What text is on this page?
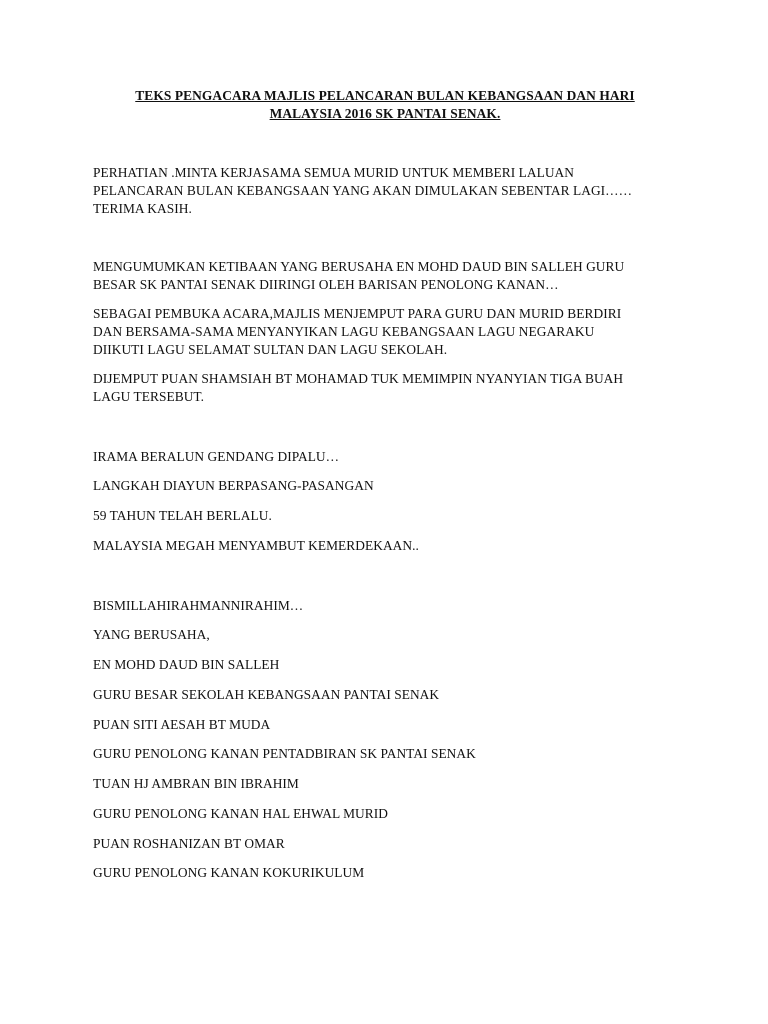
TEKS PENGACARA MAJLIS PELANCARAN BULAN KEBANGSAAN DAN HARI
MALAYSIA 2016 SK PANTAI SENAK.

PERHATIAN .MINTA KERJASAMA SEMUA MURID UNTUK MEMBERI LALUAN
PELANCARAN BULAN KEBANGSAAN YANG AKAN DIMULAKAN SEBENTAR LAGI……
TERIMA KASIH.

MENGUMUMKAN KETIBAAN YANG BERUSAHA EN MOHD DAUD BIN SALLEH GURU
BESAR SK PANTAI SENAK DIIRINGI OLEH BARISAN PENOLONG KANAN…

SEBAGAI PEMBUKA ACARA,MAJLIS MENJEMPUT PARA GURU DAN MURID BERDIRI
DAN BERSAMA-SAMA MENYANYIKAN LAGU KEBANGSAAN LAGU NEGARAKU
DIIKUTI LAGU SELAMAT SULTAN DAN LAGU SEKOLAH.

DIJEMPUT PUAN SHAMSIAH BT MOHAMAD TUK MEMIMPIN NYANYIAN TIGA BUAH
LAGU TERSEBUT.

IRAMA BERALUN GENDANG DIPALU…

LANGKAH DIAYUN BERPASANG-PASANGAN

59 TAHUN TELAH BERLALU.

MALAYSIA MEGAH MENYAMBUT KEMERDEKAAN..

BISMILLAHIRAHMANNIRAHIM…

YANG BERUSAHA,

EN MOHD DAUD BIN SALLEH

GURU BESAR SEKOLAH KEBANGSAAN PANTAI SENAK

PUAN SITI AESAH BT MUDA

GURU PENOLONG KANAN PENTADBIRAN SK PANTAI SENAK

TUAN HJ AMBRAN BIN IBRAHIM

GURU PENOLONG KANAN HAL EHWAL MURID

PUAN ROSHANIZAN BT OMAR

GURU PENOLONG KANAN KOKURIKULUM
